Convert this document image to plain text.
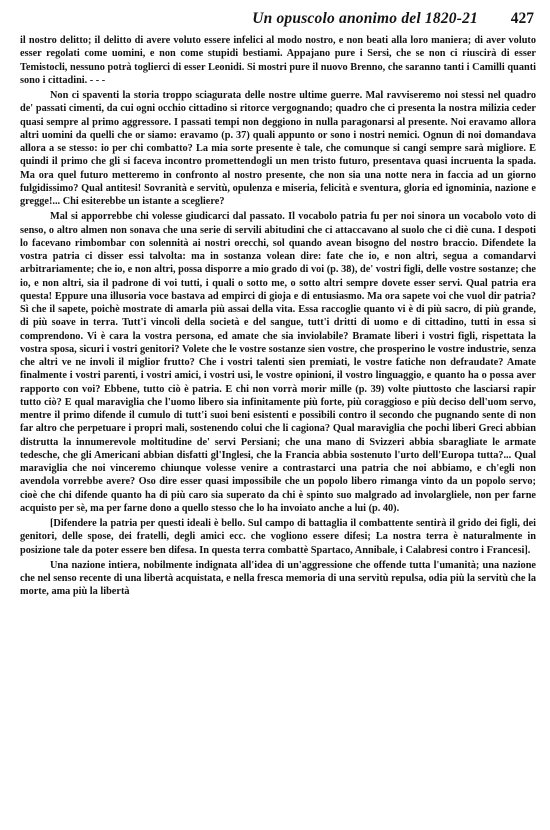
Un opuscolo anonimo del 1820-21 427

il nostro delitto; il delitto di avere voluto essere infelici al modo nostro, e non beati alla loro maniera; di aver voluto esser regolati come uomini, e non come stupidi bestiami. Appajano pure i Sersi, che se non ci riuscirà di esser Temistocli, nessuno potrà toglierci di esser Leonidi. Si mostri pure il nuovo Brenno, che saranno tanti i Camilli quanti sono i cittadini. - - -

Non ci spaventi la storia troppo sciagurata delle nostre ultime guerre. Mal ravviseremo noi stessi nel quadro de' passati cimenti, da cui ogni occhio cittadino si ritorce vergognando; quadro che ci presenta la nostra milizia ceder quasi sempre al primo aggressore. I passati tempi non deggiono in nulla paragonarsi al presente. Noi eravamo allora altri uomini da quelli che or siamo: eravamo (p. 37) quali appunto or sono i nostri nemici. Ognun di noi domandava allora a se stesso: io per chi combatto? La mia sorte presente è tale, che comunque si cangi sempre sarà migliore. E quindi il primo che gli si faceva incontro promettendogli un men tristo futuro, presentava quasi incruenta la spada. Ma ora quel futuro metteremo in confronto al nostro presente, che non sia una notte nera in faccia ad un giorno fulgidissimo? Qual antitesi! Sovranità e servitù, opulenza e miseria, felicità e sventura, gloria ed ignominia, nazione e gregge!... Chi esiterebbe un istante a scegliere?

Mal si apporrebbe chi volesse giudicarci dal passato. Il vocabolo patria fu per noi sinora un vocabolo voto di senso, o altro almen non sonava che una serie di servili abitudini che ci attaccavano al suolo che ci diè cuna. I despoti lo facevano rimbombar con solennità ai nostri orecchi, sol quando avean bisogno del nostro braccio. Difendete la vostra patria ci disser essi talvolta: ma in sostanza volean dire: fate che io, e non altri, segua a comandarvi arbitrariamente; che io, e non altri, possa disporre a mio grado di voi (p. 38), de' vostri figli, delle vostre sostanze; che io, e non altri, sia il padrone di voi tutti, i quali o sotto me, o sotto altri sempre dovete esser servi. Qual patria era questa! Eppure una illusoria voce bastava ad empirci di gioja e di entusiasmo. Ma ora sapete voi che vuol dir patria? Sì che il sapete, poichè mostrate di amarla più assai della vita. Essa raccoglie quanto vi è di più sacro, di più grande, di più soave in terra. Tutt'i vincoli della società e del sangue, tutt'i dritti di uomo e di cittadino, tutti in essa si comprendono. Vi è cara la vostra persona, ed amate che sia inviolabile? Bramate liberi i vostri figli, rispettata la vostra sposa, sicuri i vostri genitori? Volete che le vostre sostanze sien vostre, che prosperino le vostre industrie, senza che altri ve ne involi il miglior frutto? Che i vostri talenti sien premiati, le vostre fatiche non defraudate? Amate finalmente i vostri parenti, i vostri amici, i vostri usi, le vostre opinioni, il vostro linguaggio, e quanto ha o possa aver rapporto con voi? Ebbene, tutto ciò è patria. E chi non vorrà morir mille (p. 39) volte piuttosto che lasciarsi rapir tutto ciò? E qual maraviglia che l'uomo libero sia infinitamente più forte, più coraggioso e più deciso dell'uom servo, mentre il primo difende il cumulo di tutt'i suoi beni esistenti e possibili contro il secondo che pugnando sente di non far altro che perpetuare i propri mali, sostenendo colui che li cagiona? Qual maraviglia che pochi liberi Greci abbian distrutta la innumerevole moltitudine de' servi Persiani; che una mano di Svizzeri abbia sbaragliate le armate tedesche, che gli Americani abbian disfatti gl'Inglesi, che la Francia abbia sostenuto l'urto dell'Europa tutta?... Qual maraviglia che noi vinceremo chiunque volesse venire a contrastarci una patria che noi abbiamo, e ch'egli non avendola vorrebbe avere? Oso dire esser quasi impossibile che un popolo libero rimanga vinto da un popolo servo; cioè che chi difende quanto ha di più caro sia superato da chi è spinto suo malgrado ad involargliele, non per farne acquisto per sè, ma per farne dono a quello stesso che lo ha invoiato anche a lui (p. 40).

[Difendere la patria per questi ideali è bello. Sul campo di battaglia il combattente sentirà il grido dei figli, dei genitori, delle spose, dei fratelli, degli amici ecc. che vogliono essere difesi; La nostra terra è naturalmente in posizione tale da poter essere ben difesa. In questa terra combattè Spartaco, Annibale, i Calabresi contro i Francesi].

Una nazione intiera, nobilmente indignata all'idea di un'aggressione che offende tutta l'umanità; una nazione che nel senso recente di una libertà acquistata, e nella fresca memoria di una servitù repulsa, odia più la servitù che la morte, ama più la libertà
